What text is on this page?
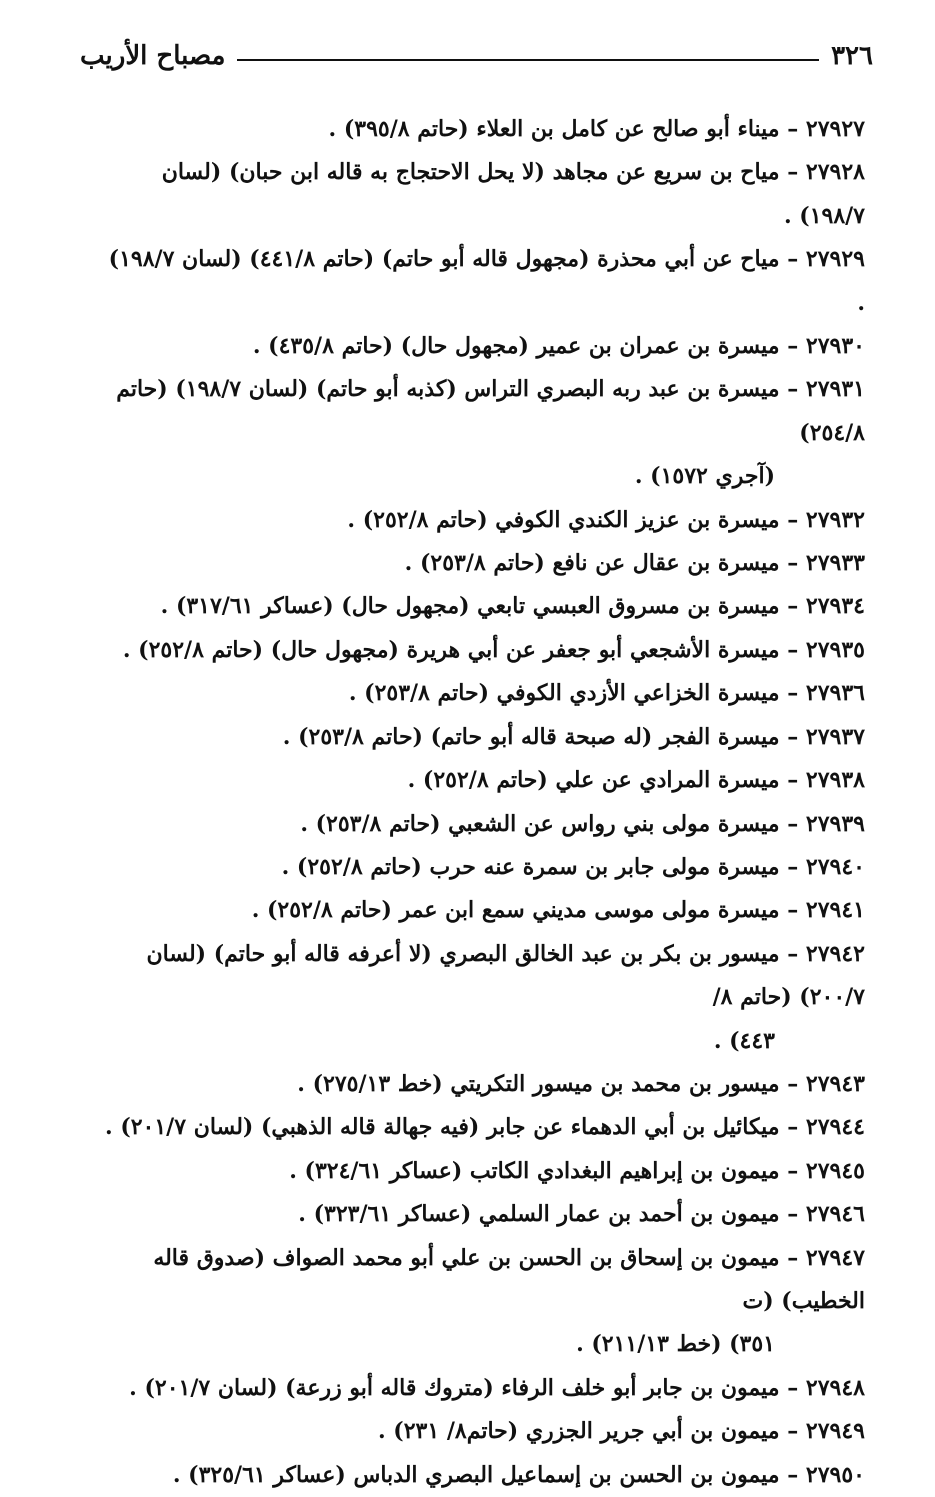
٣٢٦
مصباح الأريب
٢٧٩٢٧ – ميناء أبو صالح عن كامل بن العلاء (حاتم ٣٩٥/٨) .
٢٧٩٢٨ – مياح بن سريع عن مجاهد (لا يحل الاحتجاج به قاله ابن حبان) (لسان ١٩٨/٧) .
٢٧٩٢٩ – مياح عن أبي محذرة (مجهول قاله أبو حاتم) (حاتم ٤٤١/٨) (لسان ١٩٨/٧) .
٢٧٩٣٠ – ميسرة بن عمران بن عمير (مجهول حال) (حاتم ٤٣٥/٨) .
٢٧٩٣١ – ميسرة بن عبد ربه البصري التراس (كذبه أبو حاتم) (لسان ١٩٨/٧) (حاتم ٢٥٤/٨)
(آجري ١٥٧٢) .
٢٧٩٣٢ – ميسرة بن عزيز الكندي الكوفي (حاتم ٢٥٢/٨) .
٢٧٩٣٣ – ميسرة بن عقال عن نافع (حاتم ٢٥٣/٨) .
٢٧٩٣٤ – ميسرة بن مسروق العبسي تابعي (مجهول حال) (عساكر ٣١٧/٦١) .
٢٧٩٣٥ – ميسرة الأشجعي أبو جعفر عن أبي هريرة (مجهول حال) (حاتم ٢٥٢/٨) .
٢٧٩٣٦ – ميسرة الخزاعي الأزدي الكوفي (حاتم ٢٥٣/٨) .
٢٧٩٣٧ – ميسرة الفجر (له صبحة قاله أبو حاتم) (حاتم ٢٥٣/٨) .
٢٧٩٣٨ – ميسرة المرادي عن علي (حاتم ٢٥٢/٨) .
٢٧٩٣٩ – ميسرة مولى بني رواس عن الشعبي (حاتم ٢٥٣/٨) .
٢٧٩٤٠ – ميسرة مولى جابر بن سمرة عنه حرب (حاتم ٢٥٢/٨) .
٢٧٩٤١ – ميسرة مولى موسى مديني سمع ابن عمر (حاتم ٢٥٢/٨) .
٢٧٩٤٢ – ميسور بن بكر بن عبد الخالق البصري (لا أعرفه قاله أبو حاتم) (لسان ٢٠٠/٧) (حاتم ٨/
٤٤٣) .
٢٧٩٤٣ – ميسور بن محمد بن ميسور التكريتي (خط ٢٧٥/١٣) .
٢٧٩٤٤ – ميكائيل بن أبي الدهماء عن جابر (فيه جهالة قاله الذهبي) (لسان ٢٠١/٧) .
٢٧٩٤٥ – ميمون بن إبراهيم البغدادي الكاتب (عساكر ٣٢٤/٦١) .
٢٧٩٤٦ – ميمون بن أحمد بن عمار السلمي (عساكر ٣٢٣/٦١) .
٢٧٩٤٧ – ميمون بن إسحاق بن الحسن بن علي أبو محمد الصواف (صدوق قاله الخطيب) (ت
٣٥١) (خط ٢١١/١٣) .
٢٧٩٤٨ – ميمون بن جابر أبو خلف الرفاء (متروك قاله أبو زرعة) (لسان ٢٠١/٧) .
٢٧٩٤٩ – ميمون بن أبي جرير الجزري (حاتم٨/ ٢٣١) .
٢٧٩٥٠ – ميمون بن الحسن بن إسماعيل البصري الدباس (عساكر ٣٢٥/٦١) .
